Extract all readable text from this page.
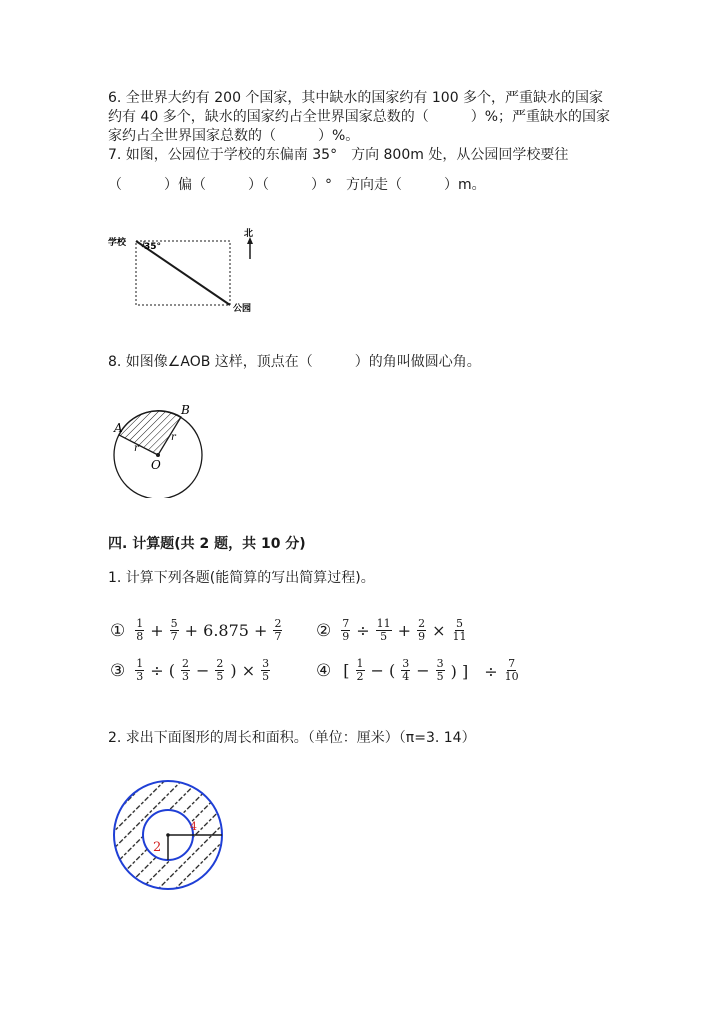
6. 全世界大约有 200 个国家，其中缺水的国家约有 100 多个，严重缺水的国家
约有 40 多个，缺水的国家约占全世界国家总数的（　　　）%；严重缺水的国家
家约占全世界国家总数的（　　　）%。
7. 如图，公园位于学校的东偏南 35°　方向 800m 处，从公园回学校要往
（　　　）偏（　　　）（　　　）°　方向走（　　　）m。
学校 35°
公园
北
8. 如图像∠AOB 这样，顶点在（　　　）的角叫做圆心角。
A
B
O
r
r
四. 计算题(共 2 题，共 10 分)
1. 计算下列各题(能简算的写出简算过程)。
① $\frac{1}{8} + \frac{5}{7} + 6.875 + \frac{2}{7}$ ② $\frac{7}{9} \div \frac{11}{5} + \frac{2}{9} \times \frac{5}{11}$
③ $\frac{1}{3}$ ÷ ( $\frac{2}{3} - \frac{2}{5}$ ) × $\frac{3}{5}$	④ [ $\frac{1}{2}$ − ( $\frac{3}{4} - \frac{3}{5}$ ) ]　÷ $\frac{7}{10}$
2. 求出下面图形的周长和面积。（单位：厘米）（π=3. 14）
2
4
